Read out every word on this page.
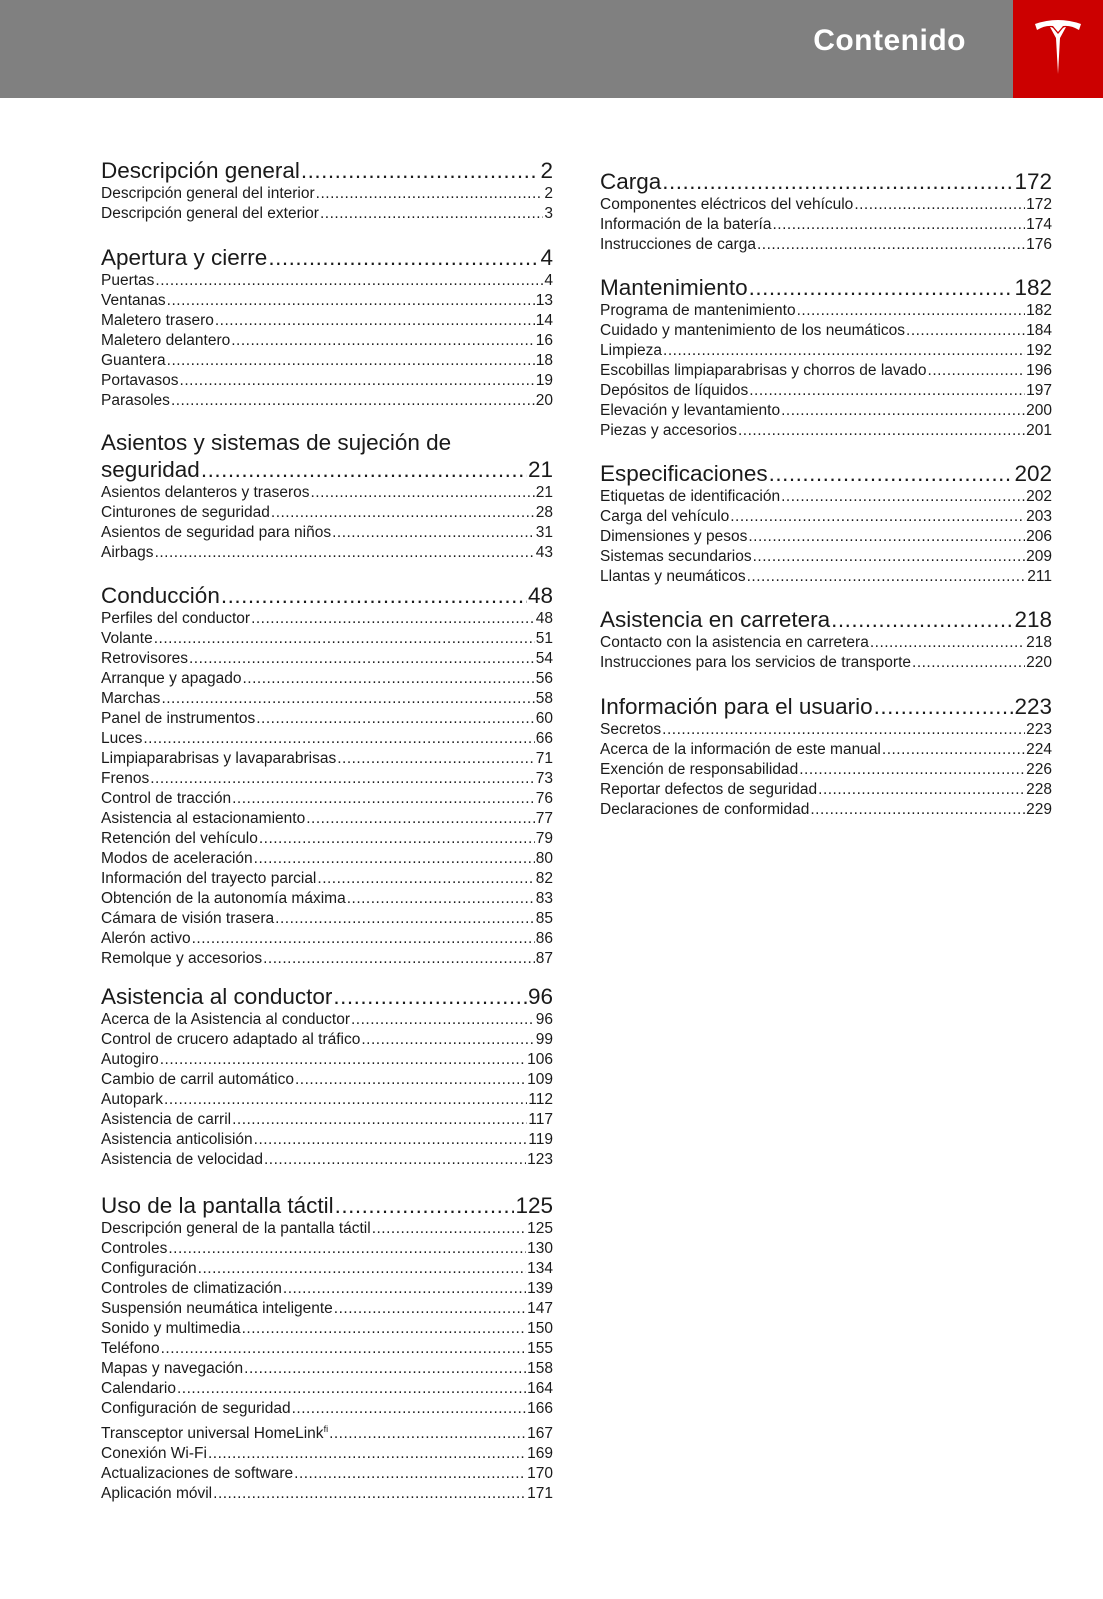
Contenido
Descripción general .....	2
Descripción general del interior .....	2
Descripción general del exterior .....	3
Apertura y cierre .....	4
Puertas .....	4
Ventanas .....	13
Maletero trasero .....	14
Maletero delantero .....	16
Guantera .....	18
Portavasos .....	19
Parasoles .....	20
Asientos y sistemas de sujeción de
seguridad .....	21
Asientos delanteros y traseros .....	21
Cinturones de seguridad .....	28
Asientos de seguridad para niños .....	31
Airbags .....	43
Conducción .....	48
Perfiles del conductor .....	48
Volante .....	51
Retrovisores .....	54
Arranque y apagado .....	56
Marchas .....	58
Panel de instrumentos .....	60
Luces .....	66
Limpiaparabrisas y lavaparabrisas .....	71
Frenos .....	73
Control de tracción .....	76
Asistencia al estacionamiento .....	77
Retención del vehículo .....	79
Modos de aceleración .....	80
Información del trayecto parcial .....	82
Obtención de la autonomía máxima .....	83
Cámara de visión trasera .....	85
Alerón activo .....	86
Remolque y accesorios .....	87
Asistencia al conductor .....	96
Acerca de la Asistencia al conductor .....	96
Control de crucero adaptado al tráfico .....	99
Autogiro .....	106
Cambio de carril automático .....	109
Autopark .....	112
Asistencia de carril .....	117
Asistencia anticolisión .....	119
Asistencia de velocidad .....	123
Uso de la pantalla táctil .....	125
Descripción general de la pantalla táctil .....	125
Controles .....	130
Configuración .....	134
Controles de climatización .....	139
Suspensión neumática inteligente .....	147
Sonido y multimedia .....	150
Teléfono .....	155
Mapas y navegación .....	158
Calendario .....	164
Configuración de seguridad .....	166
Transceptor universal HomeLink$^{fi}$ .....	167
Conexión Wi-Fi .....	169
Actualizaciones de software .....	170
Aplicación móvil .....	171
Carga .....	172
Componentes eléctricos del vehículo .....	172
Información de la batería .....	174
Instrucciones de carga .....	176
Mantenimiento .....	182
Programa de mantenimiento .....	182
Cuidado y mantenimiento de los neumáticos .....	184
Limpieza .....	192
Escobillas limpiaparabrisas y chorros de lavado .....	196
Depósitos de líquidos .....	197
Elevación y levantamiento .....	200
Piezas y accesorios .....	201
Especificaciones .....	202
Etiquetas de identificación .....	202
Carga del vehículo .....	203
Dimensiones y pesos .....	206
Sistemas secundarios .....	209
Llantas y neumáticos .....	211
Asistencia en carretera .....	218
Contacto con la asistencia en carretera .....	218
Instrucciones para los servicios de transporte .....	220
Información para el usuario .....	223
Secretos .....	223
Acerca de la información de este manual .....	224
Exención de responsabilidad .....	226
Reportar defectos de seguridad .....	228
Declaraciones de conformidad .....	229
